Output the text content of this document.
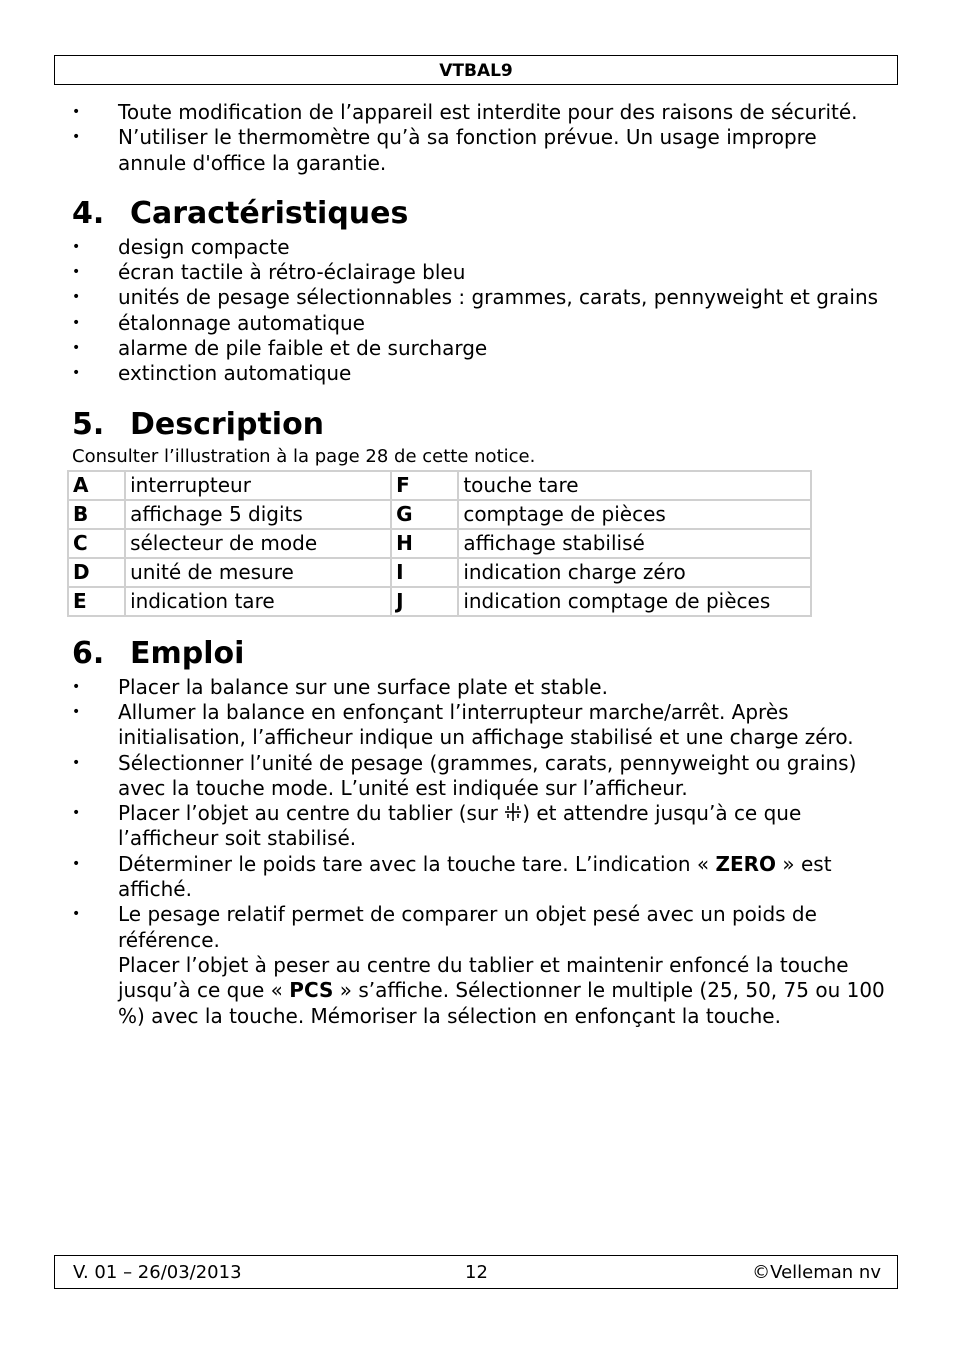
VTBAL9
• Toute modification de l’appareil est interdite pour des raisons de sécurité.
• N’utiliser le thermomètre qu’à sa fonction prévue. Un usage impropre annule d'office la garantie.
4. Caractéristiques
• design compacte
• écran tactile à rétro-éclairage bleu
• unités de pesage sélectionnables : grammes, carats, pennyweight et grains
• étalonnage automatique
• alarme de pile faible et de surcharge
• extinction automatique
5. Description
Consulter l’illustration à la page 28 de cette notice.
A	interrupteur	F	touche tare
B	affichage 5 digits	G	comptage de pièces
C	sélecteur de mode	H	affichage stabilisé
D	unité de mesure	I	indication charge zéro
E	indication tare	J	indication comptage de pièces
6. Emploi
• Placer la balance sur une surface plate et stable.
• Allumer la balance en enfonçant l’interrupteur marche/arrêt. Après initialisation, l’afficheur indique un affichage stabilisé et une charge zéro.
• Sélectionner l’unité de pesage (grammes, carats, pennyweight ou grains) avec la touche mode. L’unité est indiquée sur l’afficheur.
• Placer l’objet au centre du tablier (sur ) et attendre jusqu’à ce que l’afficheur soit stabilisé.
• Déterminer le poids tare avec la touche tare. L’indication « ZERO » est affiché.
• Le pesage relatif permet de comparer un objet pesé avec un poids de référence.
Placer l’objet à peser au centre du tablier et maintenir enfoncé la touche jusqu’à ce que « PCS » s’affiche. Sélectionner le multiple (25, 50, 75 ou 100 %) avec la touche. Mémoriser la sélection en enfonçant la touche.
V. 01 – 26/03/2013	12	©Velleman nv
